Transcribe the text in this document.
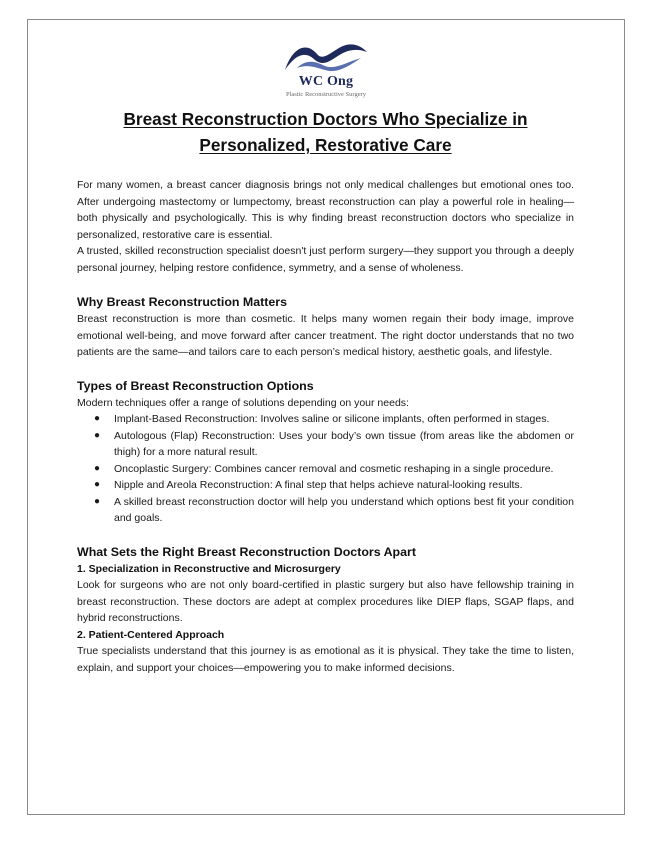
WC Ong
Plastic Reconstructive Surgery
Breast Reconstruction Doctors Who Specialize in
Personalized, Restorative Care

For many women, a breast cancer diagnosis brings not only medical challenges but emotional ones too. After undergoing mastectomy or lumpectomy, breast reconstruction can play a powerful role in healing—both physically and psychologically. This is why finding breast reconstruction doctors who specialize in personalized, restorative care is essential.

A trusted, skilled reconstruction specialist doesn't just perform surgery—they support you through a deeply personal journey, helping restore confidence, symmetry, and a sense of wholeness.

Why Breast Reconstruction Matters

Breast reconstruction is more than cosmetic. It helps many women regain their body image, improve emotional well-being, and move forward after cancer treatment. The right doctor understands that no two patients are the same—and tailors care to each person’s medical history, aesthetic goals, and lifestyle.

Types of Breast Reconstruction Options

Modern techniques offer a range of solutions depending on your needs:

● Implant-Based Reconstruction: Involves saline or silicone implants, often performed in stages.
● Autologous (Flap) Reconstruction: Uses your body’s own tissue (from areas like the abdomen or thigh) for a more natural result.
● Oncoplastic Surgery: Combines cancer removal and cosmetic reshaping in a single procedure.
● Nipple and Areola Reconstruction: A final step that helps achieve natural-looking results.
● A skilled breast reconstruction doctor will help you understand which options best fit your condition and goals.
What Sets the Right Breast Reconstruction Doctors Apart
1. Specialization in Reconstructive and Microsurgery

Look for surgeons who are not only board-certified in plastic surgery but also have fellowship training in breast reconstruction. These doctors are adept at complex procedures like DIEP flaps, SGAP flaps, and hybrid reconstructions.

2. Patient-Centered Approach

True specialists understand that this journey is as emotional as it is physical. They take the time to listen, explain, and support your choices—empowering you to make informed decisions.
